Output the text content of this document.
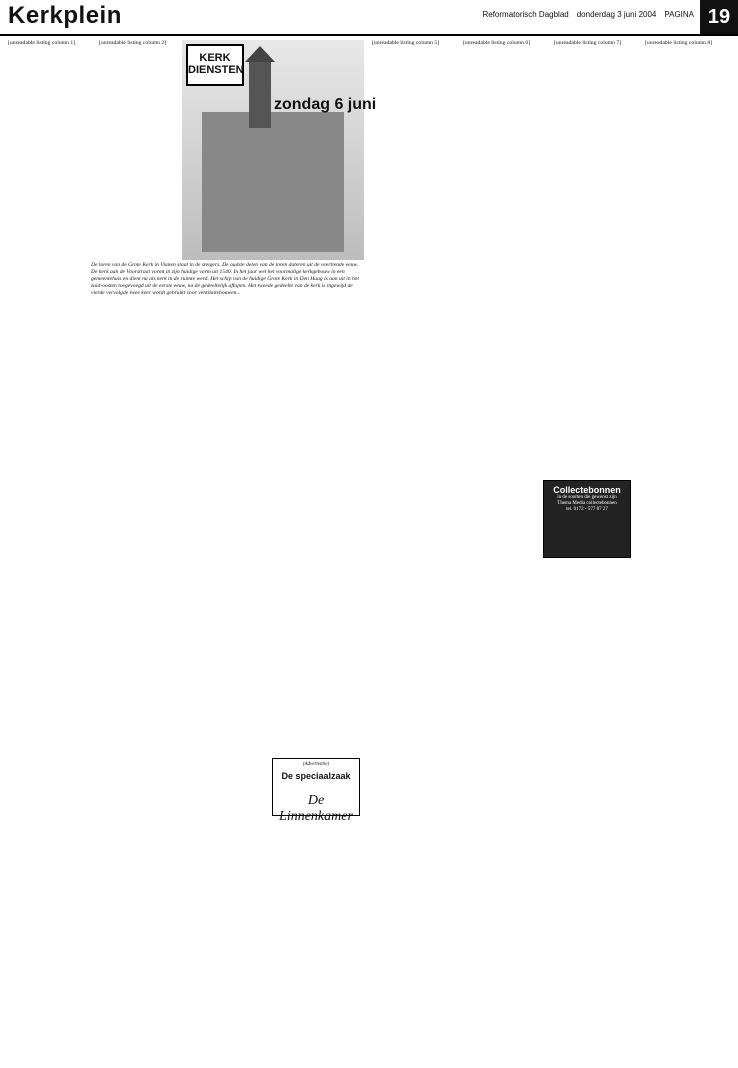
Kerkplein	Reformatorisch Dagblad donderdag 3 juni 2004 PAGINA 19
[unreadable listing column 1]	[unreadable listing column 2]	[unreadable listing column 5]	[unreadable listing column 6]	[unreadable listing column 7]	[unreadable listing column 8]
KERK DIENSTEN
zondag 6 juni
De toren van de Grote Kerk in Vianen staat in de steigers. De oudste delen van de toren dateren uit de veertiende eeuw. De kerk aan de Voorstraat vormt in zijn huidige vorm uit 1540. In het jaar wel het voormalige kerkgebouw in een gemeentehuis en dient nu als kerk in de ruimte werd. Het schip van de huidige Grote Kerk in Den Haag is aan uit in het zuid-oosten toegevoegd uit de eerste eeuw, na de gedeeltelijk aflopen. Het tweede gedeelte van de kerk is ingewijd de vierde vervolgde twee keer wordt gebruikt voor ventilatiebouwen...
(Advertentie)
De speciaalzaak
De Linnenkamer
Collectebonnen
in de soorten die gewenst zijn
Thema Media collectebonnen
tel. 0172 - 577 87 27
